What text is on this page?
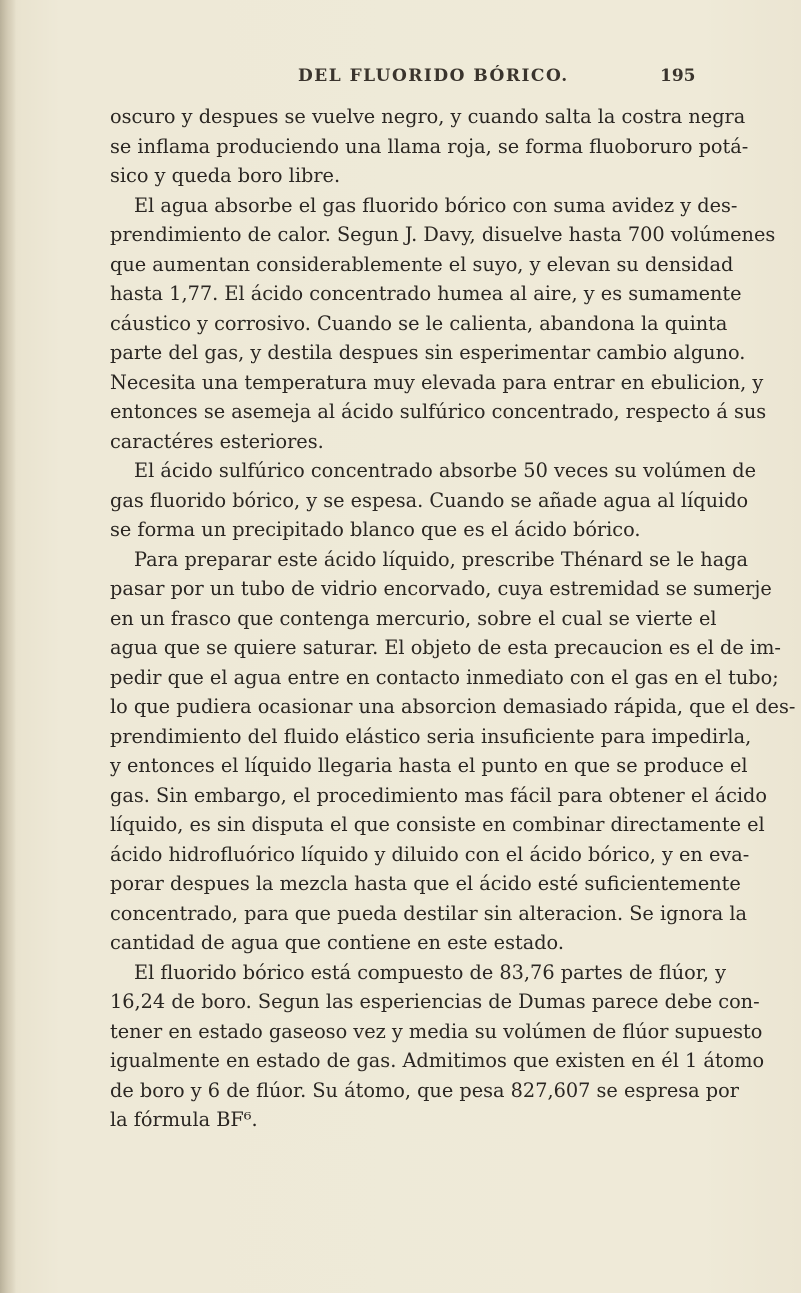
DEL FLUORIDO BÓRICO.	195
oscuro y despues se vuelve negro, y cuando salta la costra negra
se inflama produciendo una llama roja, se forma fluoboruro potá-
sico y queda boro libre.
El agua absorbe el gas fluorido bórico con suma avidez y des-
prendimiento de calor. Segun J. Davy, disuelve hasta 700 volúmenes
que aumentan considerablemente el suyo, y elevan su densidad
hasta 1,77. El ácido concentrado humea al aire, y es sumamente
cáustico y corrosivo. Cuando se le calienta, abandona la quinta
parte del gas, y destila despues sin esperimentar cambio alguno.
Necesita una temperatura muy elevada para entrar en ebulicion, y
entonces se asemeja al ácido sulfúrico concentrado, respecto á sus
caractéres esteriores.
El ácido sulfúrico concentrado absorbe 50 veces su volúmen de
gas fluorido bórico, y se espesa. Cuando se añade agua al líquido
se forma un precipitado blanco que es el ácido bórico.
Para preparar este ácido líquido, prescribe Thénard se le haga
pasar por un tubo de vidrio encorvado, cuya estremidad se sumerje
en un frasco que contenga mercurio, sobre el cual se vierte el
agua que se quiere saturar. El objeto de esta precaucion es el de im-
pedir que el agua entre en contacto inmediato con el gas en el tubo;
lo que pudiera ocasionar una absorcion demasiado rápida, que el des-
prendimiento del fluido elástico seria insuficiente para impedirla,
y entonces el líquido llegaria hasta el punto en que se produce el
gas. Sin embargo, el procedimiento mas fácil para obtener el ácido
líquido, es sin disputa el que consiste en combinar directamente el
ácido hidrofluórico líquido y diluido con el ácido bórico, y en eva-
porar despues la mezcla hasta que el ácido esté suficientemente
concentrado, para que pueda destilar sin alteracion. Se ignora la
cantidad de agua que contiene en este estado.
El fluorido bórico está compuesto de 83,76 partes de flúor, y
16,24 de boro. Segun las esperiencias de Dumas parece debe con-
tener en estado gaseoso vez y media su volúmen de flúor supuesto
igualmente en estado de gas. Admitimos que existen en él 1 átomo
de boro y 6 de flúor. Su átomo, que pesa 827,607 se espresa por
la fórmula BF⁶.
